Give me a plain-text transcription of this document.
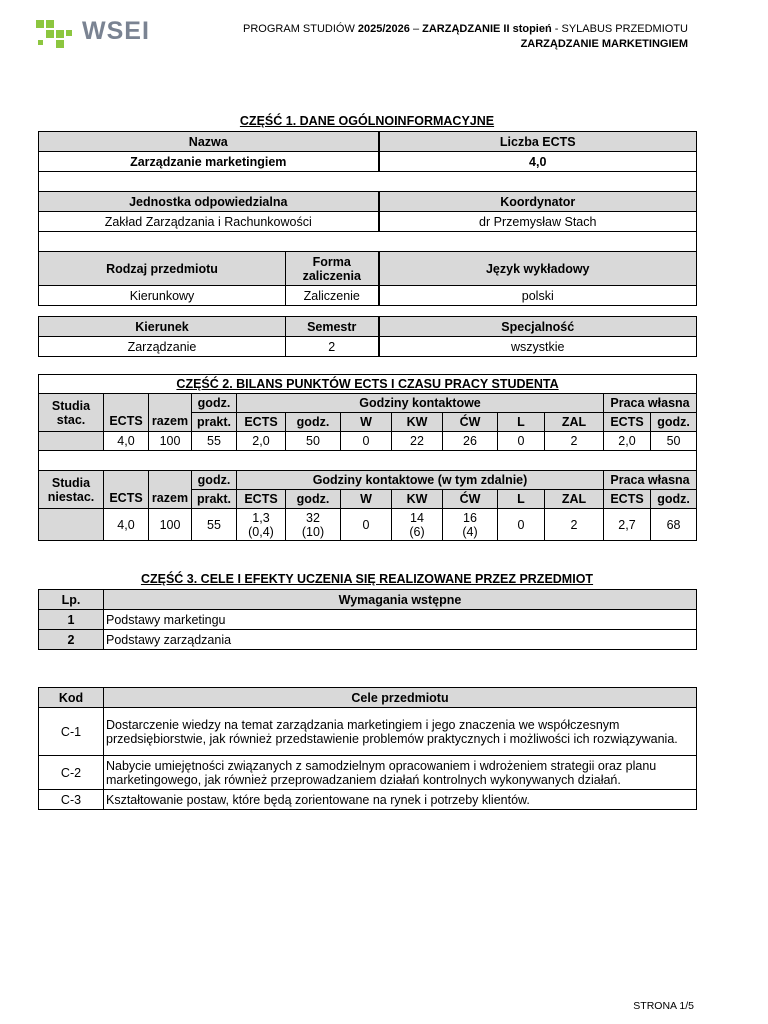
WSEI	PROGRAM STUDIÓW 2025/2026 – ZARZĄDZANIE II stopień - SYLABUS PRZEDMIOTU
ZARZĄDZANIE MARKETINGIEM
CZĘŚĆ 1. DANE OGÓLNOINFORMACYJNE
Nazwa	Liczba ECTS
Zarządzanie marketingiem	4,0

Jednostka odpowiedzialna	Koordynator
Zakład Zarządzania i Rachunkowości	dr Przemysław Stach

Rodzaj przedmiotu	Forma zaliczenia	Język wykładowy
Kierunkowy	Zaliczenie	polski
Kierunek	Semestr	Specjalność
Zarządzanie	2	wszystkie
CZĘŚĆ 2. BILANS PUNKTÓW ECTS I CZASU PRACY STUDENTA												
Studia stac.	ECTS	razem	godz.	Godziny kontaktowe							Praca własna	
			prakt.	ECTS	godz.	W	KW	ĆW	L	ZAL	ECTS	godz.
	4,0	100	55	2,0	50	0	22	26	0	2	2,0	50

Studia niestac.	ECTS	razem	godz.	Godziny kontaktowe (w tym zdalnie)							Praca własna	
			prakt.	ECTS	godz.	W	KW	ĆW	L	ZAL	ECTS	godz.
	4,0	100	55	1,3
(0,4)	32
(10)	0	14
(6)	16
(4)	0	2	2,7	68
CZĘŚĆ 3. CELE I EFEKTY UCZENIA SIĘ REALIZOWANE PRZEZ PRZEDMIOT
Lp.	Wymagania wstępne
1	Podstawy marketingu
2	Podstawy zarządzania
Kod	Cele przedmiotu
C-1	Dostarczenie wiedzy na temat zarządzania marketingiem i jego znaczenia we współczesnym przedsiębiorstwie, jak również przedstawienie problemów praktycznych i możliwości ich rozwiązywania.
C-2	Nabycie umiejętności związanych z samodzielnym opracowaniem i wdrożeniem strategii oraz planu marketingowego, jak również przeprowadzaniem działań kontrolnych wykonywanych działań.
C-3	Kształtowanie postaw, które będą zorientowane na rynek i potrzeby klientów.
STRONA 1/5
